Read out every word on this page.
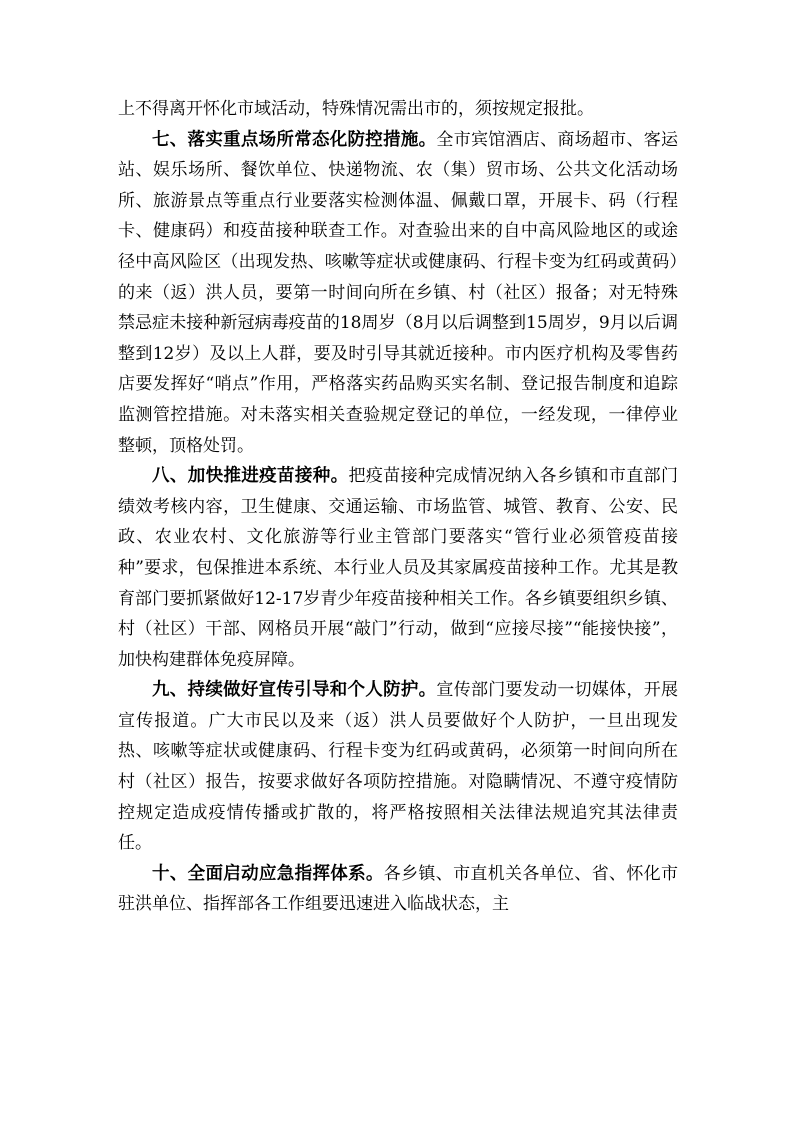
上不得离开怀化市域活动，特殊情况需出市的，须按规定报批。

七、落实重点场所常态化防控措施。全市宾馆酒店、商场超市、客运站、娱乐场所、餐饮单位、快递物流、农（集）贸市场、公共文化活动场所、旅游景点等重点行业要落实检测体温、佩戴口罩，开展卡、码（行程卡、健康码）和疫苗接种联查工作。对查验出来的自中高风险地区的或途径中高风险区（出现发热、咳嗽等症状或健康码、行程卡变为红码或黄码）的来（返）洪人员，要第一时间向所在乡镇、村（社区）报备；对无特殊禁忌症未接种新冠病毒疫苗的18周岁（8月以后调整到15周岁，9月以后调整到12岁）及以上人群，要及时引导其就近接种。市内医疗机构及零售药店要发挥好“哨点”作用，严格落实药品购买实名制、登记报告制度和追踪监测管控措施。对未落实相关查验规定登记的单位，一经发现，一律停业整顿，顶格处罚。

八、加快推进疫苗接种。把疫苗接种完成情况纳入各乡镇和市直部门绩效考核内容，卫生健康、交通运输、市场监管、城管、教育、公安、民政、农业农村、文化旅游等行业主管部门要落实“管行业必须管疫苗接种”要求，包保推进本系统、本行业人员及其家属疫苗接种工作。尤其是教育部门要抓紧做好12-17岁青少年疫苗接种相关工作。各乡镇要组织乡镇、村（社区）干部、网格员开展“敲门”行动，做到“应接尽接”“能接快接”，加快构建群体免疫屏障。

九、持续做好宣传引导和个人防护。宣传部门要发动一切媒体，开展宣传报道。广大市民以及来（返）洪人员要做好个人防护，一旦出现发热、咳嗽等症状或健康码、行程卡变为红码或黄码，必须第一时间向所在村（社区）报告，按要求做好各项防控措施。对隐瞒情况、不遵守疫情防控规定造成疫情传播或扩散的，将严格按照相关法律法规追究其法律责任。

十、全面启动应急指挥体系。各乡镇、市直机关各单位、省、怀化市驻洪单位、指挥部各工作组要迅速进入临战状态，主
